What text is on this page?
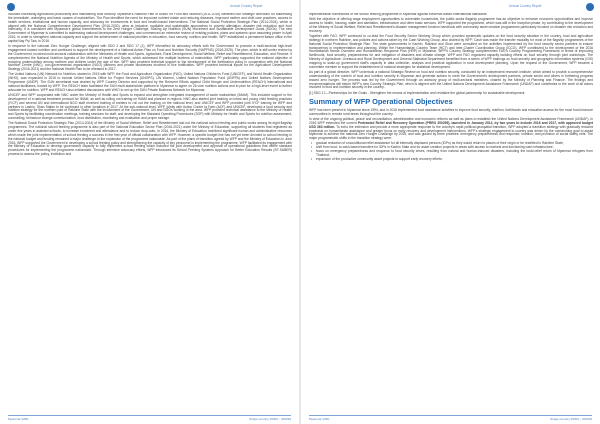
Annual Country Report

included increasing agricultural productivity and maintaining food security. Myanmar's National Plan of Action for Food and Nutrition (2011-2015) identified four strategic directions for addressing the immediate, underlying and basic causes of malnutrition. The Plan identified the need for improved nutrient intake and reducing diseases, improved mother and child care practices, access to health services, institutional and human capacity, and advocacy for investments in food and health-based interventions. The National Social Protection Strategic Plan (2014-2024), which is aligned with the National Comprehensive Development Plan (2016-2030), aims at inclusive, equitable and sustainable approaches to poverty alleviation, disaster risk reduction and food insecurity. It is consistent with Myanmar's global commitments to the Zero Hunger Challenge, Scaling Up Nutrition (SUN) movement and Sustainable Development Goals (SDGs). The new Government of Myanmar is committed to addressing national development challenges, and commenced an extensive review of existing policies, plans and systems upon assuming power in April 2016, in order to strengthen national capacity and support the achievement of national priorities in education, food security, nutrition and health. WFP established a permanent liaison office in the capital Nay Pyi Taw, in 2016.

In response to the national Zero Hunger Challenge, aligned with SDG 2 and SDG 17 (1), WFP intensified its advocacy efforts with the Government to promote a multi-sectoral high-level engagement toward nutrition and continued to support the development of a National Action Plan on Food and Nutrition Security (NAPFNS) (2016-2025). The plan, which is still under review by the Government, involved multi-sectoral collaboration with the Ministries of Health and Sports, Agriculture, Rural Development, Social Welfare, Relief and Resettlement, Education, and Finance. It complemented the National Nutrition Agenda of the Ministry of Health and Sports, which addressed the multiple burdens of malnutrition. WFP particularly supported the national objective of reducing undernutrition among mothers and children under the age of five. WFP also provided technical support to the development of the fortification policy in cooperation with the National Nutrition Centre (NNC), non-governmental organization (NGO) partners and private businesses involved in rice fortification. WFP provided technical inputs for the Agriculture Development Strategy (2016-2021) and the National Health Plan to be released in 2017.

The United Nations (UN) Network for Nutrition, started in 2015 with WFP, the Food and Agriculture Organization (FAO), United Nations Children's Fund (UNICEF), and World Health Organization (WHO), was expanded in 2016 to include United Nations Office for Project Services (UNOPS), UN Women, United Nations Population Fund (UNFPA) and United Nations Development Programme (UNDP). The SUN secretariat was chaired by WFP Country Director and supported by the Reinvent Efforts against Child Hunger and Undernutrition (REACH) international and national facilitators, hosted by WFP. The REACH team facilitated the SUN multi-stakeholder platform in Myanmar to agree on 26 core nutrition actions and to plan for a high-level event to further advocate for nutrition. WFP and REACH also initiated discussions with WHO to set up the SUN Private Business Network for Myanmar.

UNICEF and WFP cooperated with NNC under the Ministry of Health and Sports to expand and strengthen integrated management of acute malnutrition (IMAM). This included support to the development of a national treatment protocol for IMAM, as well as rolling out training on IMAM and planned in regions. NNC also started joint training on infant and young child feeding practices (IYCF) and several UN and international NGO staff received training of trainers to roll out the training on the national level, and UNICEF and WFP provided joint IYCF training for WFP and partners in Lashio, Shan States to be continued in other locations in 2017. At the sub-national level, WFP, jointly with Action Contre la Faim (ACF) and UNICEF, developed a food security and nutrition strategy for the northern part of Rakhine State with the involvement of the Government, UN and NGOs working in the area. WFP provided technical assistance to the Ministry of Health and Sports by facilitating coordination meetings, training sessions for staff, and developing the Standard Operating Procedures (SOP) with Ministry for Health and Sports for nutrition assessment, counselling, behaviour change communication, food distribution, monitoring and evaluation and proper storage.

The National Social Protection Strategic Plan (2014-2024) of the Ministry of Social Welfare, Relief and Resettlement laid out the national school feeding and public works among its eight flagship programmes. The national school feeding programme is also part of the National Education Sector Plan (2016-2021) under the Ministry of Education, supporting all students that registered as under five years in assisted schools, to increase enrolment and attendance and to reduce drop-outs. In 2016, the Ministry of Education mobilized significant human and administrative resources which made the joint implementation of school feeding a success in the first year of official collaboration with WFP. However, a specific budget line has not yet been devoted to school feeding in the national budget and funding remained a major challenge to the expansion of the programme nationwide. As part of the plans of transition agreed by WFP and the Ministry of Education in June 2016, WFP supported the Government in developing a school feeding policy and strengthening the capacity of key personnel in implementing the programme. WFP facilitated its engagement with the Ministry of Education to develop government capacity to fully implement school feeding which included the joint development and approval of operational guidelines that define standard procedures for implementing the programme nationwide. Through intensive advocacy efforts, WFP introduced its School Feeding Systems Approach for Better Education Results (SF-SABER) process to assess the policy, institution and

Myanmar (MM)	Single Country PRRO - 200299
Annual Country Report

implementation frameworks of the school feeding programme in Myanmar against evidence-based international standards.

With the objective of offering wage employment opportunities to vulnerable households, the public works flagship programme has an objective to enhance economic opportunities and improve access to health, housing, water and sanitation, infrastructure and other basic services. WFP supported the programme, which was still in the inception phase, by contributing to the development of the Ministry of Social Welfare, Relief and Resettlement's disaster management function handbook with community asset creation programmes particularly focused on disaster risk reduction and recovery.

Together with FAO, WFP continued to co-lead the Food Security Sector Working Group which provided systematic updates on the food security situation in the country, food and agriculture strategy in northern Rakhine, and policies and actions taken by the Cash Working Group, also chaired by WFP. Cash was made the transfer modality for most of the flagship programmes of the National Social Protection Strategic Plan. The state governments in Kachin, Rakhine and Shan were consulted on the activities implemented by the food security sector partners to ensure transparency in implementation and planning. Within the Humanitarian Country Team (HCT) and Inter-Cluster Coordination Group (ICCG), WFP contributed to the development of the 2016 Humanitarian Needs Overview and Humanitarian Response Plan (HRP) in Myanmar. WFP's Country Strategy complemented FAO's Country Programming Framework in terms of improving livelihoods, food security, preparedness for and mitigation of disasters and climate change. WFP and FAO organized capacity building efforts on food security through joint workshops. The Ministry of Agriculture, Livestock and Rural Development and General Statistical Department benefited from a series of WFP trainings on food security and geographic information systems (GIS) mapping to scale-up government staff's capacity in data collection, analysis and practical application in rural development planning. Upon the request of the Government, WFP became a committee member to support the establishment of national strategies for statistical development.

As part of a global directive, WFP undertook a national Strategic Review on food and nutrition security, conducted by an independent research institute, which aimed to provide a comprehensive understanding of the context of food and nutrition security in Myanmar and generate actions to meet the Government's development partners, private sector and others in furthering progress toward zero hunger. The process was led by the Government through an advisory group of multi-sectoral ministries, chaired by the Ministry of Planning and Finance. The findings and recommendations will inform WFP's new Country Strategic Plan, which is aligned with the United Nations Development Assistance Framework (UNDAF) and contributes to the work of all actors involved in food and nutrition security in the country.

[1] SDG 17—Partnerships for the Goals - Strengthen the means of implementation and revitalize the global partnership for sustainable development.

Summary of WFP Operational Objectives

WFP has been present in Myanmar since 1994, and in 2016 implemented food assistance activities to improve food security, nutrition, livelihoods and education access for the most food-insecure communities in remote rural areas throughout the country.

In view of the ongoing political, peace and reconciliation, administrative and economic reforms as well as plans to establish the United Nations Development Assistance Framework (UNDAF), in 2016 WFP extended the current Protracted Relief and Recovery Operation (PRRO 200299), launched in January 2013, by two years to include 2016 and 2017, with approved budget USD 363 million. To echo the extension and provide a more appropriate response to the country's rapid political-geospatial transition, WFP adopted a transition strategy with gradually reduced emphasis on humanitarian assistance and greater focus on early recovery and development interventions. WFP's strategic engagement in-country was driven by the overarching goal to assist Myanmar to achieve the national Zero Hunger Challenge by 2025, and was guided by three priorities: emergency preparedness and response; nutrition; and provision of social safety nets. The major programmatic shifts in the transition strategy were:

• gradual reduction of unconditional relief assistance for all internally displaced persons (IDPs) as they would return to places of their origin or be resettled in Rakhine State;
• shift from food- to cash-based transfers for IDPs in Kachin State and for asset creation projects in areas with access to markets and functioning cash infrastructure;
• focus on emergency preparedness and response to food security crises, resulting from natural and human-induced disasters, including the build-relief return of Myanmar refugees from Thailand;
• expansion of the productive community asset projects to support early recovery efforts;
Myanmar (MM)	Single Country PRRO - 200299
